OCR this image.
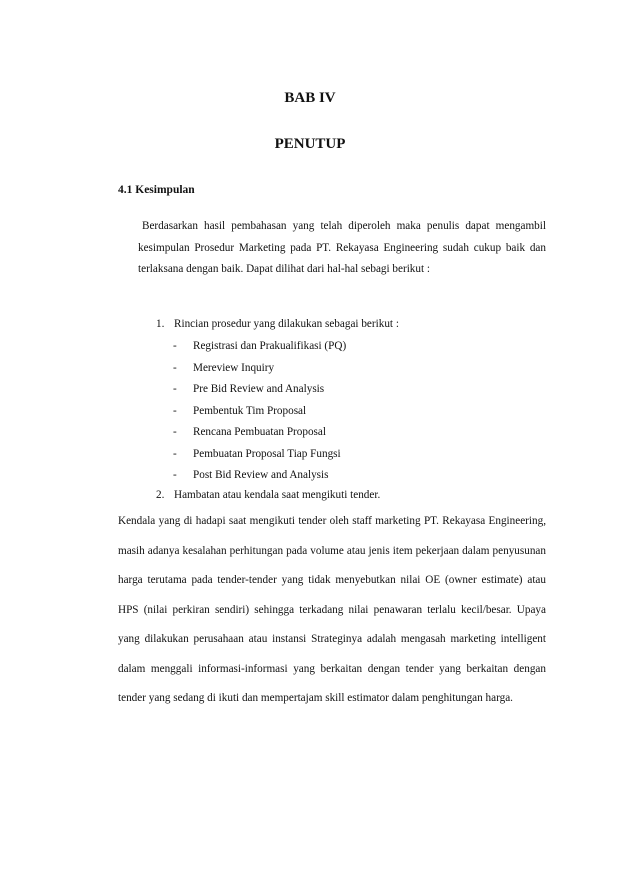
BAB IV
PENUTUP
4.1 Kesimpulan

Berdasarkan hasil pembahasan yang telah diperoleh maka penulis dapat mengambil kesimpulan Prosedur Marketing pada PT. Rekayasa Engineering sudah cukup baik dan terlaksana dengan baik. Dapat dilihat dari hal-hal sebagi berikut :

1. Rincian prosedur yang dilakukan sebagai berikut :

- Registrasi dan Prakualifikasi (PQ)

- Mereview Inquiry

- Pre Bid Review and Analysis

- Pembentuk Tim Proposal

- Rencana Pembuatan Proposal

- Pembuatan Proposal Tiap Fungsi

- Post Bid Review and Analysis

2. Hambatan atau kendala saat mengikuti tender.

Kendala yang di hadapi saat mengikuti tender oleh staff marketing PT. Rekayasa Engineering, masih adanya kesalahan perhitungan pada volume atau jenis item pekerjaan dalam penyusunan harga terutama pada tender-tender yang tidak menyebutkan nilai OE (owner estimate) atau HPS (nilai perkiran sendiri) sehingga terkadang nilai penawaran terlalu kecil/besar. Upaya yang dilakukan perusahaan atau instansi Strateginya adalah mengasah marketing intelligent dalam menggali informasi-informasi yang berkaitan dengan tender yang berkaitan dengan tender yang sedang di ikuti dan mempertajam skill estimator dalam penghitungan harga.
